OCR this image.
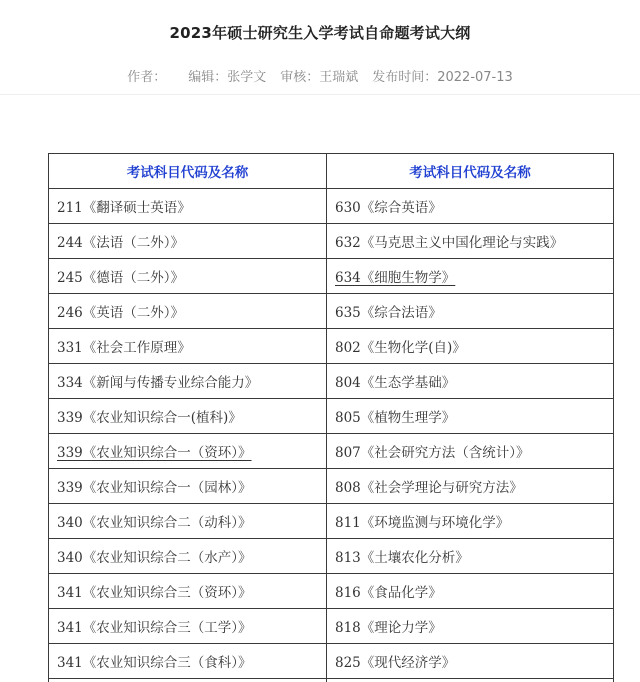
2023年硕士研究生入学考试自命题考试大纲
作者： 编辑：张学文 审核：王瑞斌 发布时间：2022-07-13
考试科目代码及名称	考试科目代码及名称
211《翻译硕士英语》	630《综合英语》
244《法语（二外）》	632《马克思主义中国化理论与实践》
245《德语（二外）》	634《细胞生物学》
246《英语（二外）》	635《综合法语》
331《社会工作原理》	802《生物化学(自)》
334《新闻与传播专业综合能力》	804《生态学基础》
339《农业知识综合一(植科)》	805《植物生理学》
339《农业知识综合一（资环）》	807《社会研究方法（含统计）》
339《农业知识综合一（园林）》	808《社会学理论与研究方法》
340《农业知识综合二（动科）》	811《环境监测与环境化学》
340《农业知识综合二（水产）》	813《土壤农化分析》
341《农业知识综合三（资环）》	816《食品化学》
341《农业知识综合三（工学）》	818《理论力学》
341《农业知识综合三（食科）》	825《现代经济学》
